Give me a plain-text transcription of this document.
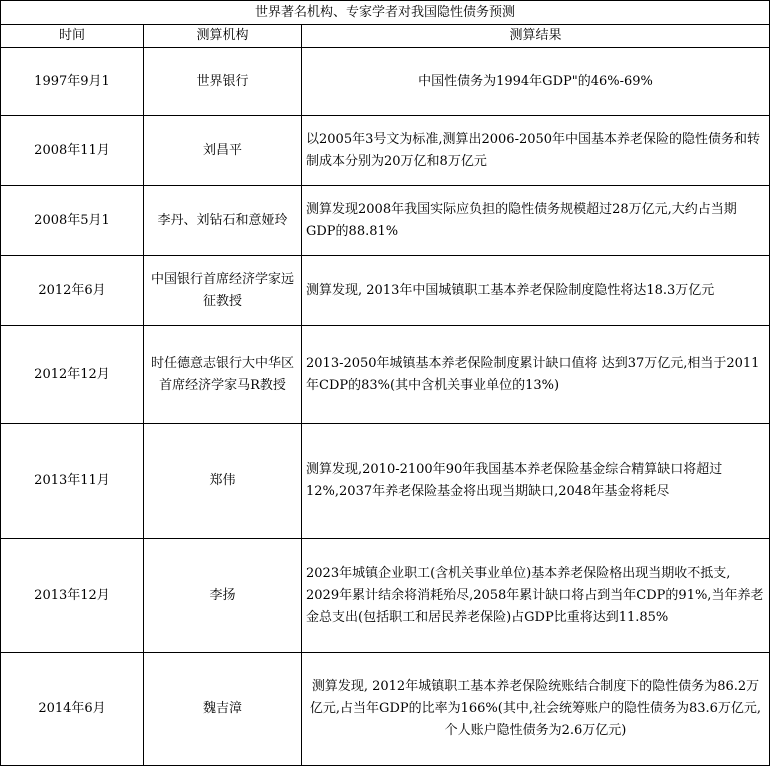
世界著名机构、专家学者对我国隐性债务预测		
时间	测算机构	测算结果
1997年9月1	世界银行	中国性债务为1994年GDP"的46%-69%
2008年11月	刘昌平	以2005年3号文为标准,测算出2006-2050年中国基本养老保险的隐性债务和转制成本分别为20万亿和8万亿元
2008年5月1	李丹、刘钻石和意娅玲	测算发现2008年我国实际应负担的隐性债务规模超过28万亿元,大约占当期GDP的88.81%
2012年6月	中国银行首席经济学家远征教授	测算发现, 2013年中国城镇职工基本养老保险制度隐性将达18.3万亿元
2012年12月	时任德意志银行大中华区首席经济学家马R教授	2013-2050年城镇基本养老保险制度累计缺口值将 达到37万亿元,相当于2011年CDP的83%(其中含机关事业单位的13%)
2013年11月	郑伟	测算发现,2010-2100年90年我国基本养老保险基金综合精算缺口将超过12%,2037年养老保险基金将出现当期缺口,2048年基金将耗尽
2013年12月	李扬	2023年城镇企业职工(含机关事业单位)基本养老保险格出现当期收不抵支, 2029年累计结余将消耗殆尽,2058年累计缺口将占到当年CDP的91%,当年养老金总支出(包括职工和居民养老保险)占GDP比重将达到11.85%
2014年6月	魏吉漳	测算发现, 2012年城镇职工基本养老保险统账结合制度下的隐性债务为86.2万亿元,占当年GDP的比率为166%(其中,社会统筹账户的隐性债务为83.6万亿元, 个人账户隐性债务为2.6万亿元)
